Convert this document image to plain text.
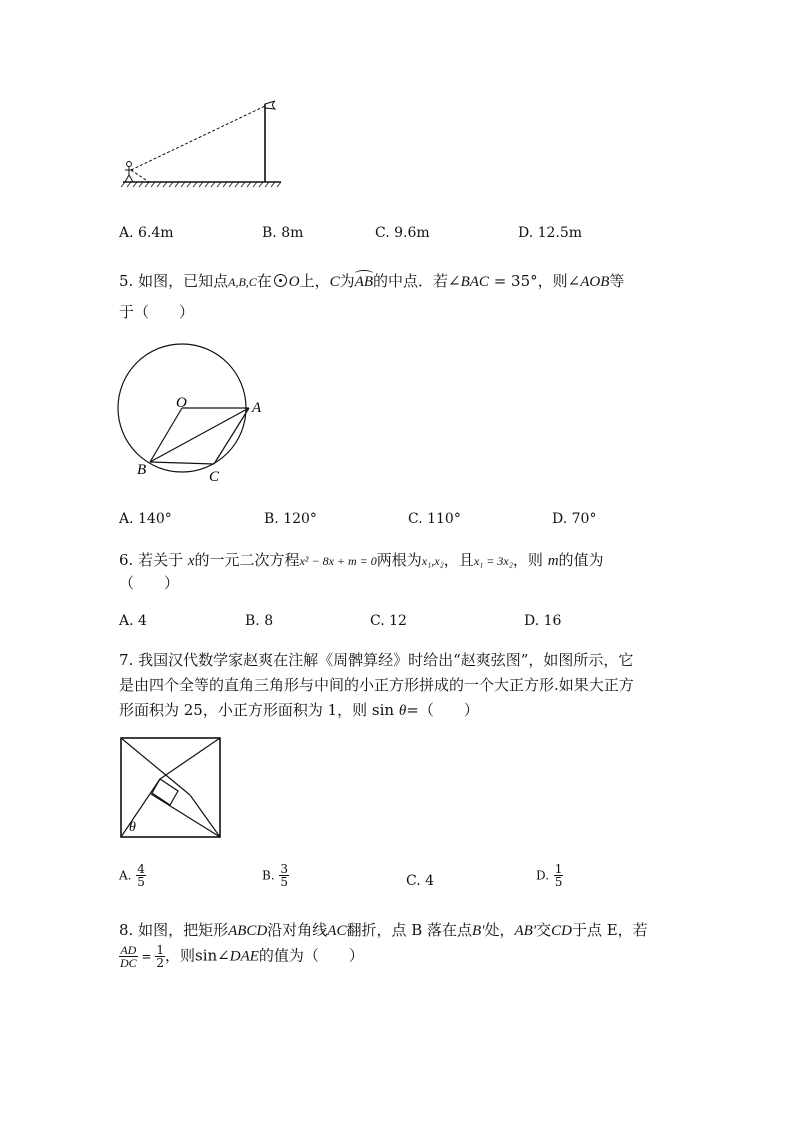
A. 6.4m	B. 8m	C. 9.6m	D. 12.5m
5. 如图，已知点A,B,C在 O上，C为
AB的中点．若∠BAC = 35°，则∠AOB等
于（　　）
O	A
B	C
A. 140°	B. 120°	C. 110°	D. 70°
6. 若关于 x的一元二次方程x² − 8x + m = 0两根为x₁,x₂，且x₁ = 3x₂，则 m的值为
（　　）
A. 4	B. 8	C. 12	D. 16
7. 我国汉代数学家赵爽在注解《周髀算经》时给出“赵爽弦图”，如图所示，它
是由四个全等的直角三角形与中间的小正方形拼成的一个大正方形.如果大正方
形面积为 25，小正方形面积为 1，则 sin θ=（　　）
θ
A. $\frac{4}{5}$	B. $\frac{3}{5}$	C. 4	D. $\frac{1}{5}$
8. 如图，把矩形ABCD沿对角线AC翻折，点 B 落在点B′处，AB′交CD于点 E，若
$\frac{AD}{DC} = \frac{1}{2}$ ，则sin∠DAE的值为（　　）
